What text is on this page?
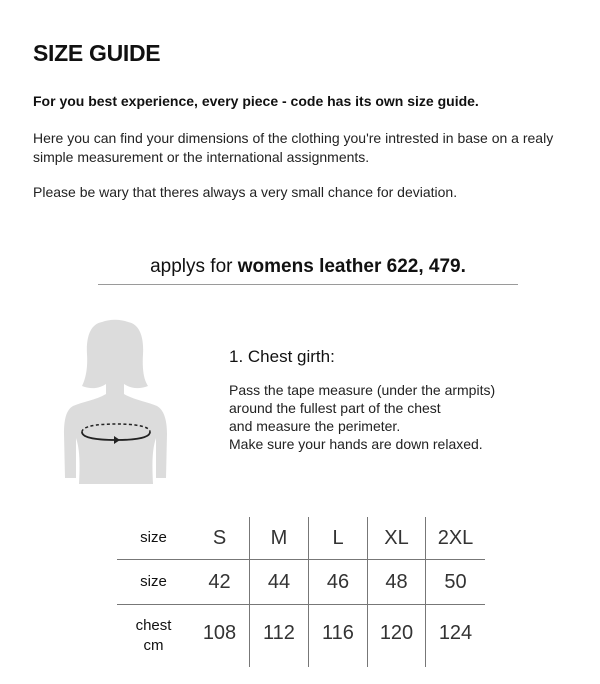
SIZE GUIDE
For you best experience, every piece - code has its own size guide.
Here you can find your dimensions of the clothing you're intrested in base on a realy simple measurement or the international assignments.
Please be wary that theres always a very small chance for deviation.
applys for womens leather 622, 479.
1. Chest girth:
Pass the tape measure (under the armpits)
around the fullest part of the chest
and measure the perimeter.
Make sure your hands are down relaxed.
size	S	M	L	XL	2XL
size	42	44	46	48	50
chest
cm	108	112	116	120	124
